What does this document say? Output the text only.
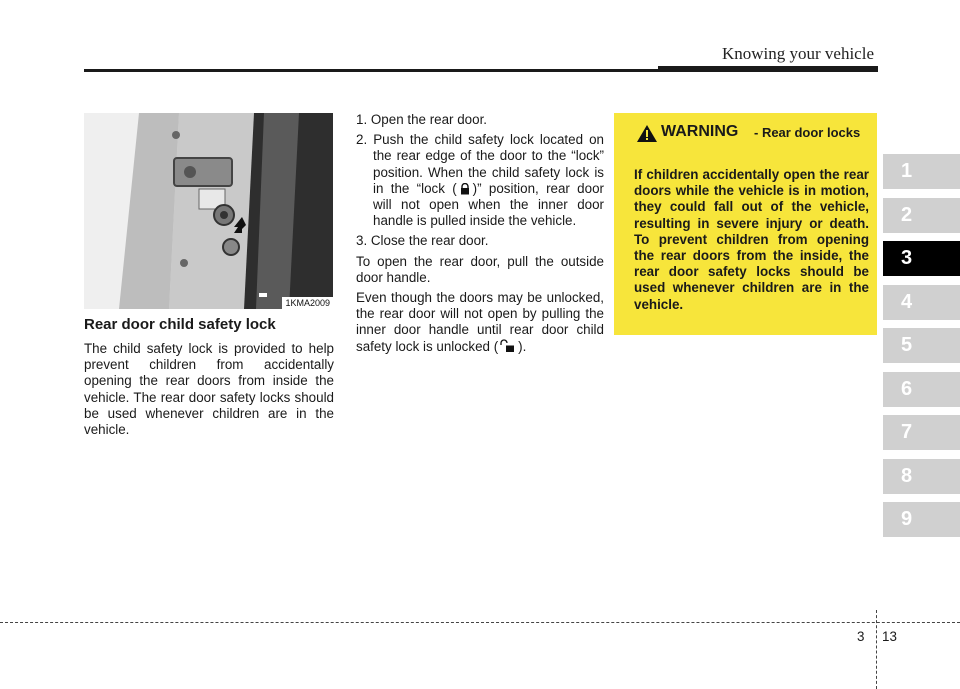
Knowing your vehicle
1KMA2009
Rear door child safety lock

The child safety lock is provided to help prevent children from accidentally opening the rear doors from inside the vehicle. The rear door safety locks should be used whenever children are in the vehicle.

1. Open the rear door.

2. Push the child safety lock located on the rear edge of the door to the “lock” position. When the child safety lock is in the “lock ( )” position, rear door will not open when the inner door handle is pulled inside the vehicle.

3. Close the rear door.

To open the rear door, pull the outside door handle.

Even though the doors may be unlocked, the rear door will not open by pulling the inner door handle until rear door child safety lock is unlocked ( ).

WARNING - Rear door locks

If children accidentally open the rear doors while the vehicle is in motion, they could fall out of the vehicle, resulting in severe injury or death. To prevent children from opening the rear doors from the inside, the rear door safety locks should be used whenever children are in the vehicle.

1
2
3
4
5
6
7
8
9
3 13
